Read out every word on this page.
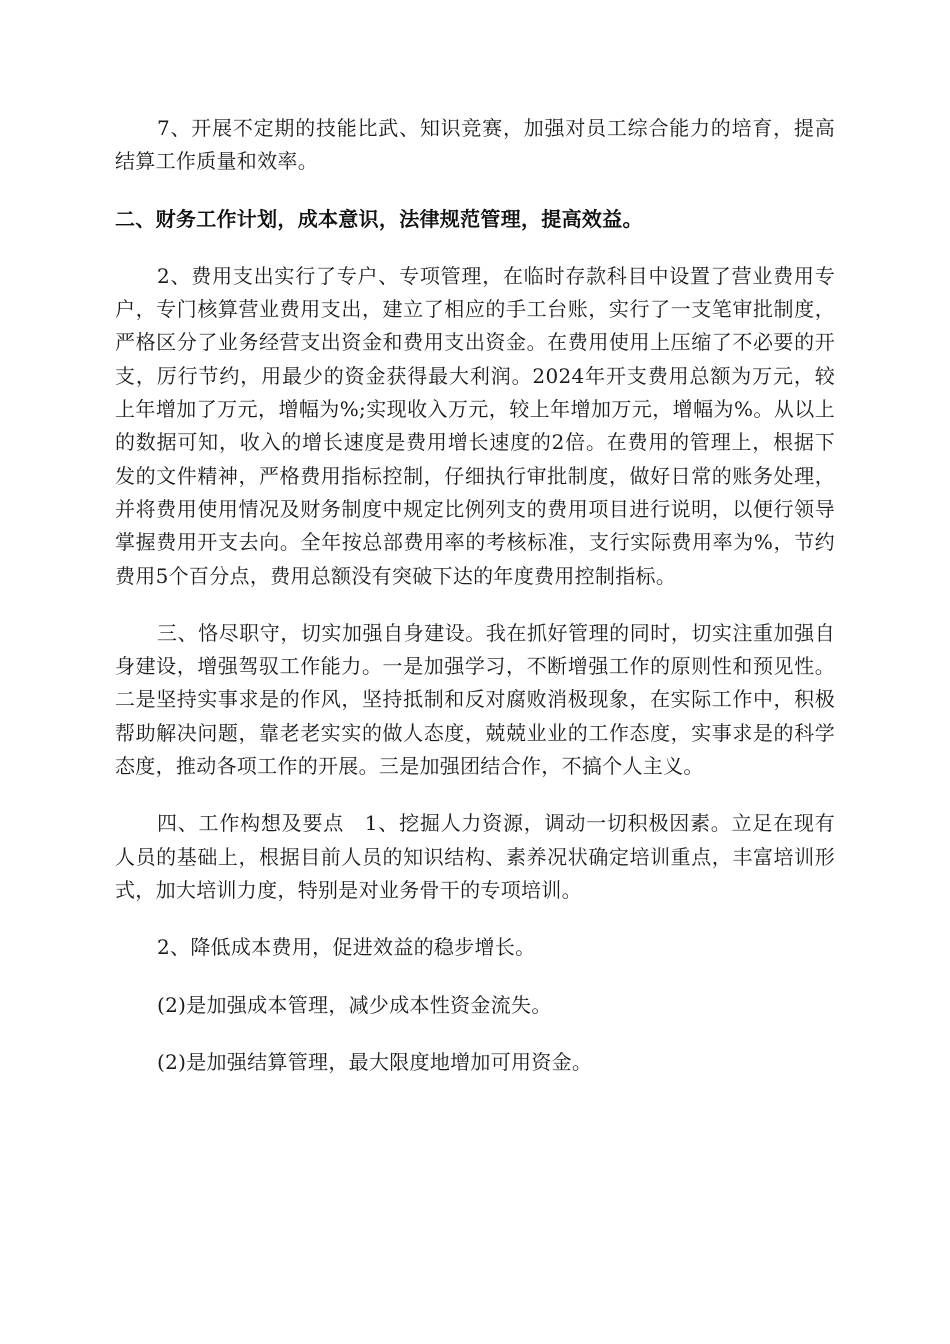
7、开展不定期的技能比武、知识竞赛，加强对员工综合能力的培育，提高结算工作质量和效率。

二、财务工作计划，成本意识，法律规范管理，提高效益。

2、费用支出实行了专户、专项管理，在临时存款科目中设置了营业费用专户，专门核算营业费用支出，建立了相应的手工台账，实行了一支笔审批制度，严格区分了业务经营支出资金和费用支出资金。在费用使用上压缩了不必要的开支，厉行节约，用最少的资金获得最大利润。2024年开支费用总额为万元，较上年增加了万元，增幅为%;实现收入万元，较上年增加万元，增幅为%。从以上的数据可知，收入的增长速度是费用增长速度的2倍。在费用的管理上，根据下发的文件精神，严格费用指标控制，仔细执行审批制度，做好日常的账务处理，并将费用使用情况及财务制度中规定比例列支的费用项目进行说明，以便行领导掌握费用开支去向。全年按总部费用率的考核标准，支行实际费用率为%，节约费用5个百分点，费用总额没有突破下达的年度费用控制指标。

三、恪尽职守，切实加强自身建设。我在抓好管理的同时，切实注重加强自身建设，增强驾驭工作能力。一是加强学习，不断增强工作的原则性和预见性。二是坚持实事求是的作风，坚持抵制和反对腐败消极现象，在实际工作中，积极帮助解决问题，靠老老实实的做人态度，兢兢业业的工作态度，实事求是的科学态度，推动各项工作的开展。三是加强团结合作，不搞个人主义。

四、工作构想及要点　1、挖掘人力资源，调动一切积极因素。立足在现有人员的基础上，根据目前人员的知识结构、素养况状确定培训重点，丰富培训形式，加大培训力度，特别是对业务骨干的专项培训。

2、降低成本费用，促进效益的稳步增长。

(2)是加强成本管理，减少成本性资金流失。

(2)是加强结算管理，最大限度地增加可用资金。
